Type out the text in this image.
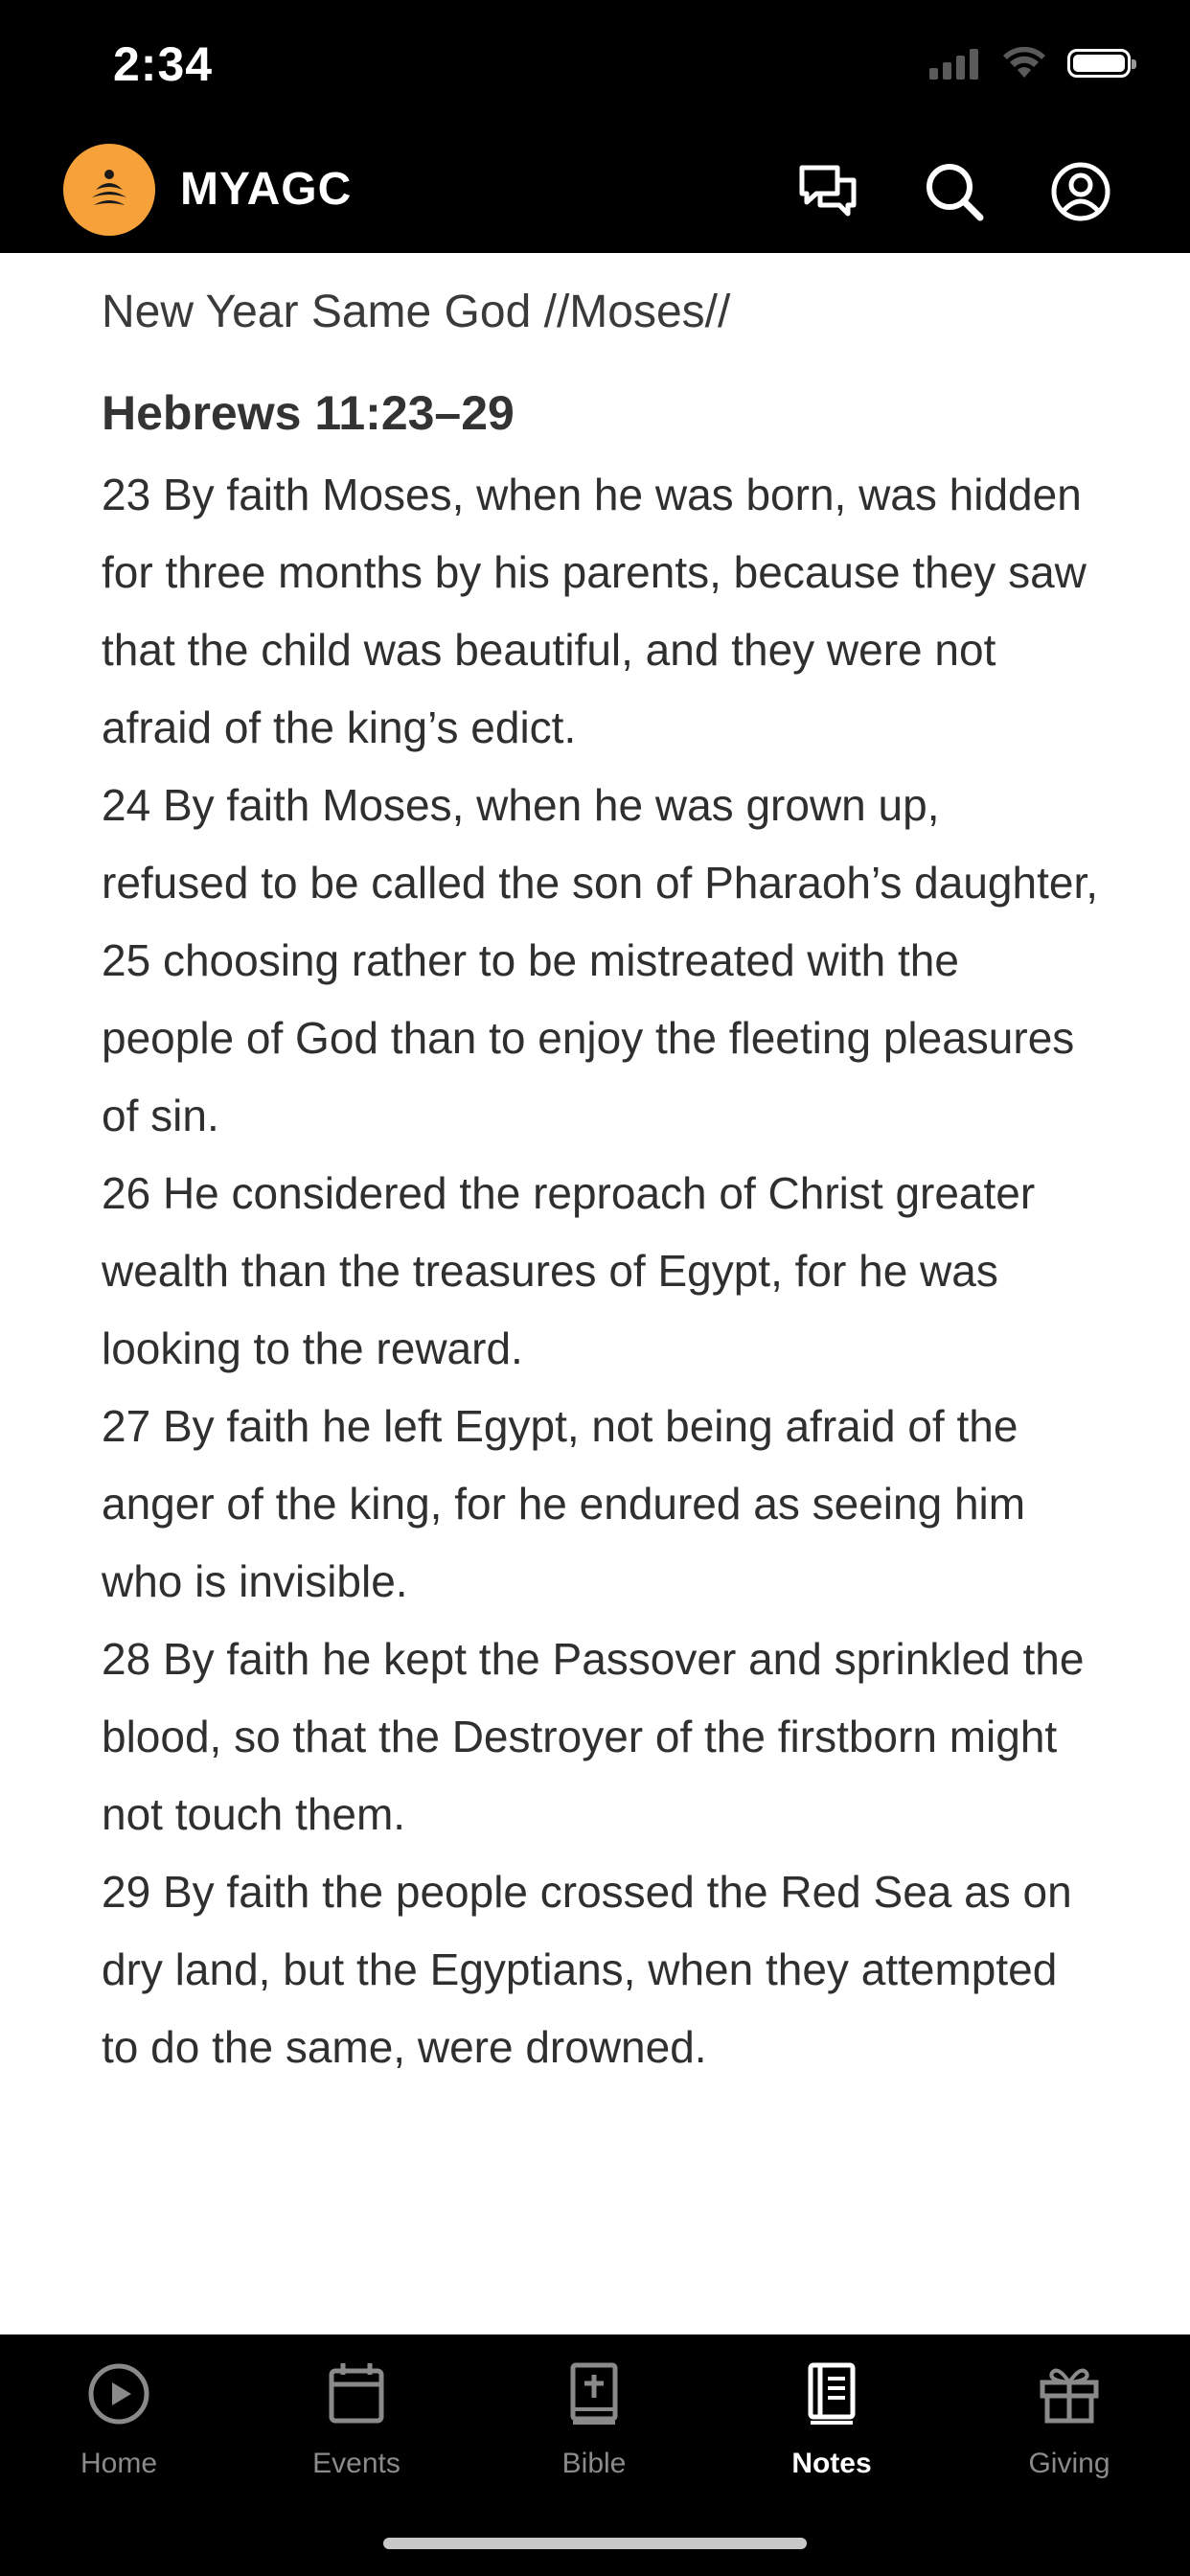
2:34
MYAGC
New Year Same God //Moses//
Hebrews 11:23–29

23 By faith Moses, when he was born, was hidden for three months by his parents, because they saw that the child was beautiful, and they were not afraid of the king’s edict.

24 By faith Moses, when he was grown up, refused to be called the son of Pharaoh’s daughter,

25 choosing rather to be mistreated with the people of God than to enjoy the fleeting pleasures of sin.

26 He considered the reproach of Christ greater wealth than the treasures of Egypt, for he was looking to the reward.

27 By faith he left Egypt, not being afraid of the anger of the king, for he endured as seeing him who is invisible.

28 By faith he kept the Passover and sprinkled the blood, so that the Destroyer of the firstborn might not touch them.

29 By faith the people crossed the Red Sea as on dry land, but the Egyptians, when they attempted to do the same, were drowned.

Home	Events	Bible	Notes	Giving
